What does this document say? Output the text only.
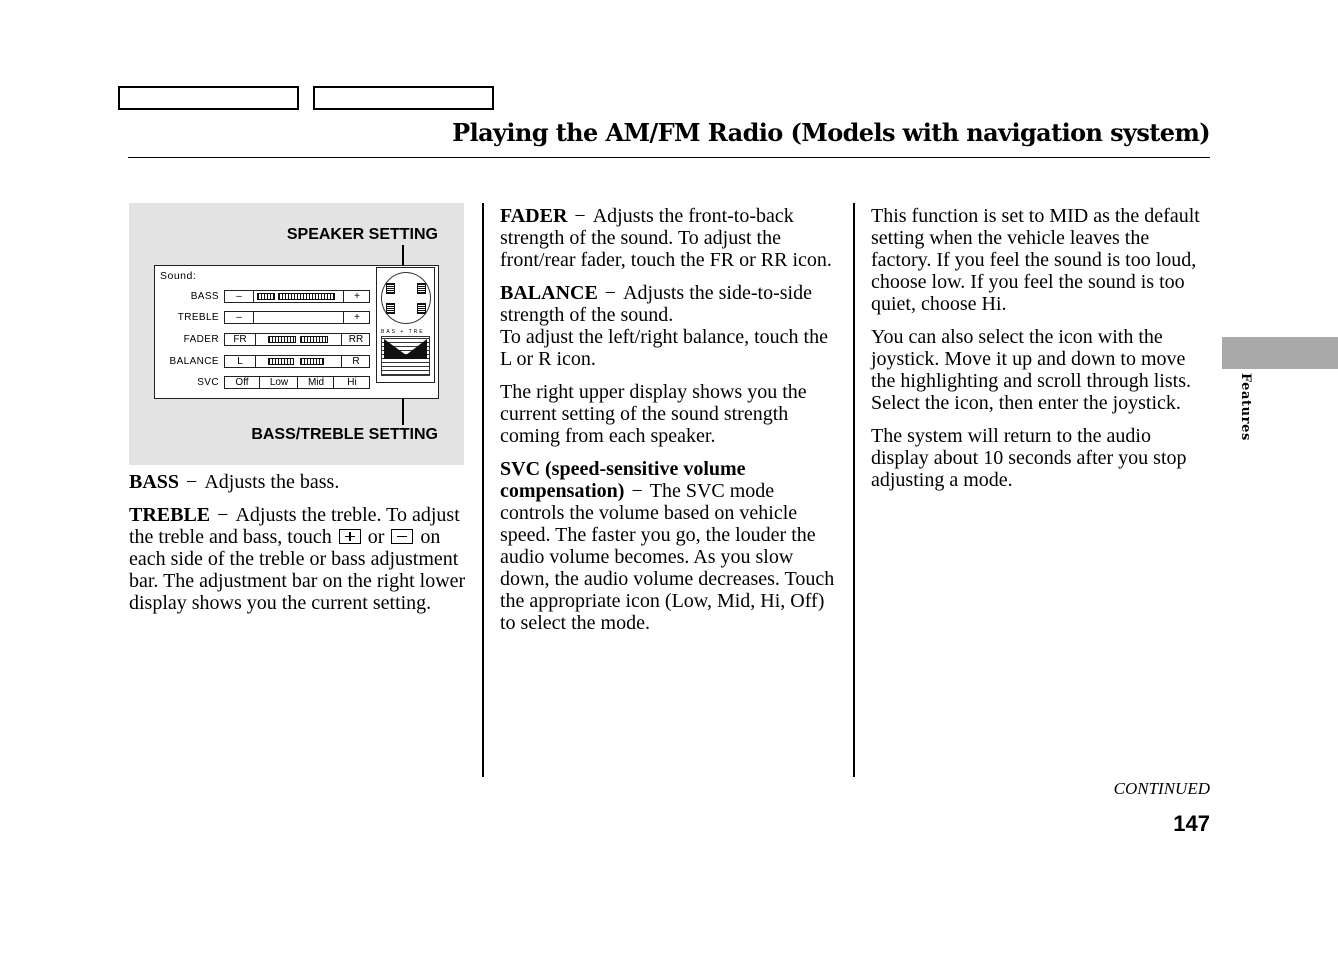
Playing the AM/FM Radio (Models with navigation system)
SPEAKER SETTING
BASS/TREBLE SETTING
Sound:
BASS	–	+
TREBLE	–	+
FADER	FR	RR
BALANCE	L	R
SVC	Off	Low	Mid	Hi
BAS + TRE

BASS − Adjusts the bass.

TREBLE − Adjusts the treble. To adjust the treble and bass, touch or on each side of the treble or bass adjustment bar. The adjustment bar on the right lower display shows you the current setting.

FADER − Adjusts the front-to-back strength of the sound. To adjust the front/rear fader, touch the FR or RR icon.

BALANCE − Adjusts the side-to-side strength of the sound.
To adjust the left/right balance, touch the L or R icon.

The right upper display shows you the current setting of the sound strength coming from each speaker.

SVC (speed-sensitive volume compensation) − The SVC mode controls the volume based on vehicle speed. The faster you go, the louder the audio volume becomes. As you slow down, the audio volume decreases. Touch the appropriate icon (Low, Mid, Hi, Off) to select the mode.

This function is set to MID as the default setting when the vehicle leaves the factory. If you feel the sound is too loud, choose low. If you feel the sound is too quiet, choose Hi.

You can also select the icon with the joystick. Move it up and down to move the highlighting and scroll through lists. Select the icon, then enter the joystick.

The system will return to the audio display about 10 seconds after you stop adjusting a mode.

Features
CONTINUED
147
